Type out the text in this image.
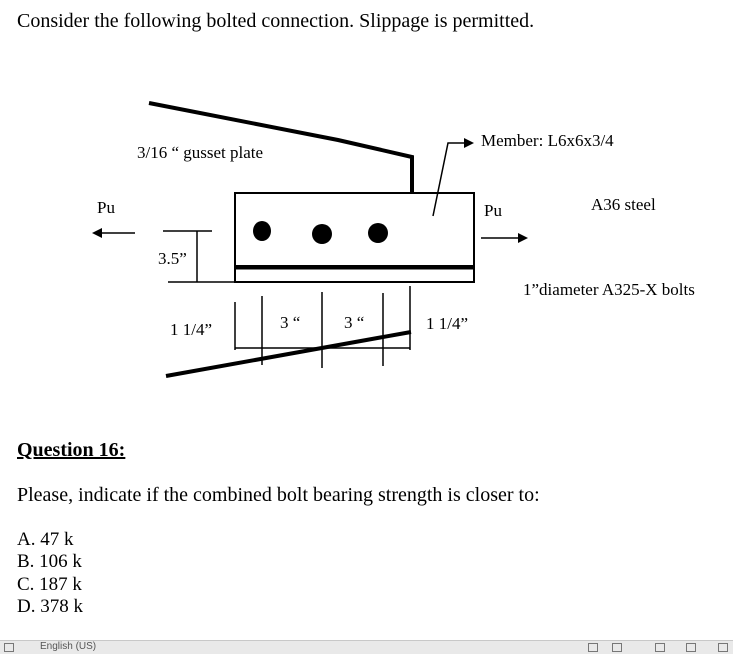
Consider the following bolted connection. Slippage is permitted.
3/16 “ gusset plate
Member: L6x6x3/4
Pu	Pu	A36 steel
3.5”
1”diameter A325-X bolts
1 1/4”	3 “	3 “	1 1/4”
Question 16:
Please, indicate if the combined bolt bearing strength is closer to:
A. 47 k
B. 106 k
C. 187 k
D. 378 k
English (US)
